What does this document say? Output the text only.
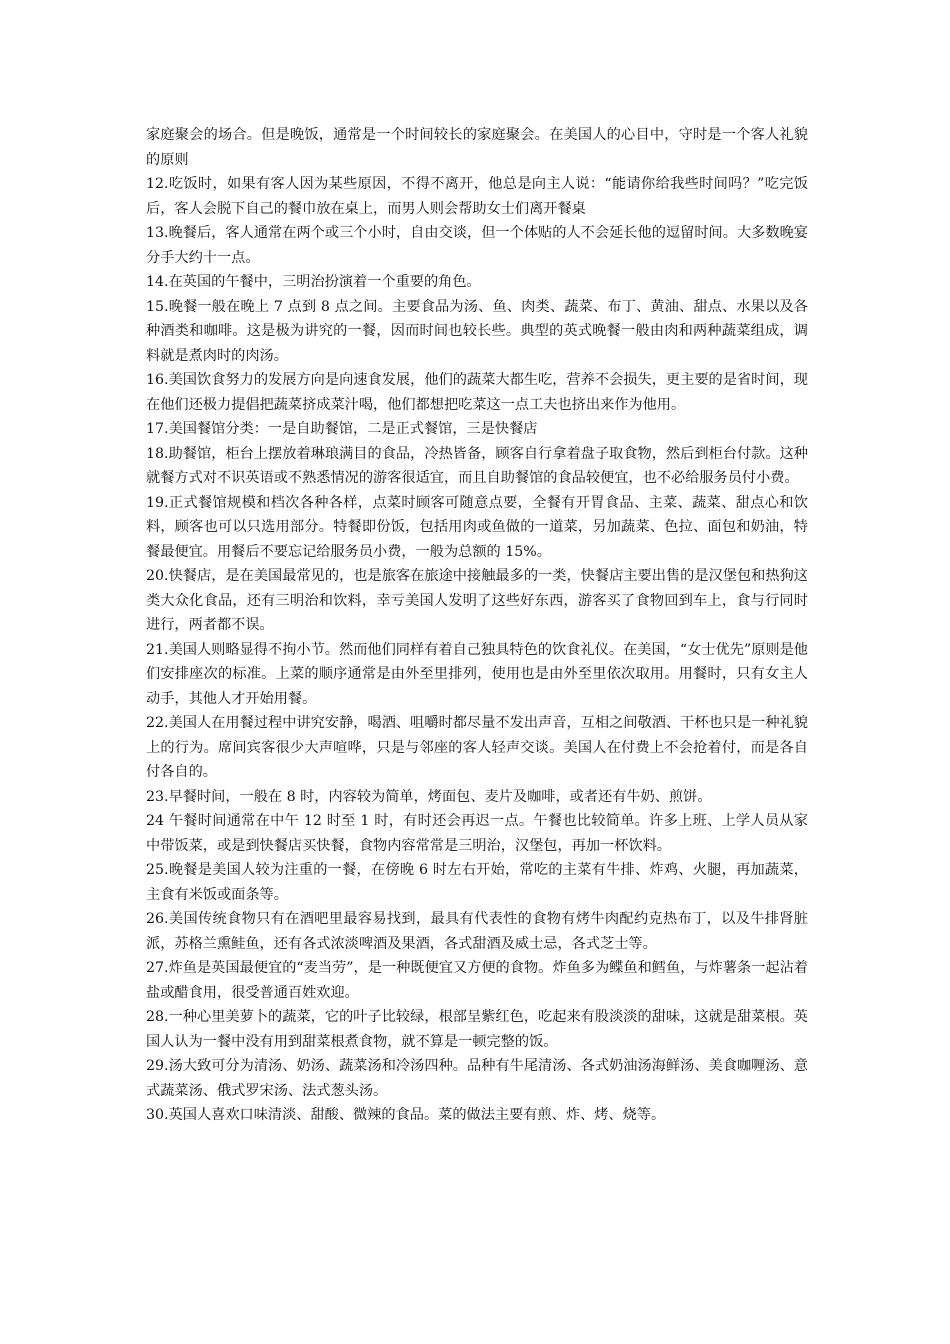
家庭聚会的场合。但是晚饭，通常是一个时间较长的家庭聚会。在美国人的心目中，守时是一个客人礼貌的原则

12.吃饭时，如果有客人因为某些原因，不得不离开，他总是向主人说：“能请你给我些时间吗？”吃完饭后，客人会脱下自己的餐巾放在桌上，而男人则会帮助女士们离开餐桌

13.晚餐后，客人通常在两个或三个小时，自由交谈，但一个体贴的人不会延长他的逗留时间。大多数晚宴分手大约十一点。

14.在英国的午餐中，三明治扮演着一个重要的角色。

15.晚餐一般在晚上 7 点到 8 点之间。主要食品为汤、鱼、肉类、蔬菜、布丁、黄油、甜点、水果以及各种酒类和咖啡。这是极为讲究的一餐，因而时间也较长些。典型的英式晚餐一般由肉和两种蔬菜组成，调料就是煮肉时的肉汤。

16.美国饮食努力的发展方向是向速食发展，他们的蔬菜大都生吃，营养不会损失，更主要的是省时间，现在他们还极力提倡把蔬菜挤成菜汁喝，他们都想把吃菜这一点工夫也挤出来作为他用。

17.美国餐馆分类：一是自助餐馆，二是正式餐馆，三是快餐店

18.助餐馆，柜台上摆放着琳琅满目的食品，冷热皆备，顾客自行拿着盘子取食物，然后到柜台付款。这种就餐方式对不识英语或不熟悉情况的游客很适宜，而且自助餐馆的食品较便宜，也不必给服务员付小费。

19.正式餐馆规模和档次各种各样，点菜时顾客可随意点要，全餐有开胃食品、主菜、蔬菜、甜点心和饮料，顾客也可以只选用部分。特餐即份饭，包括用肉或鱼做的一道菜，另加蔬菜、色拉、面包和奶油，特餐最便宜。用餐后不要忘记给服务员小费，一般为总额的 15%。

20.快餐店，是在美国最常见的，也是旅客在旅途中接触最多的一类，快餐店主要出售的是汉堡包和热狗这类大众化食品，还有三明治和饮料，幸亏美国人发明了这些好东西，游客买了食物回到车上，食与行同时进行，两者都不误。

21.美国人则略显得不拘小节。然而他们同样有着自己独具特色的饮食礼仪。在美国，“女士优先”原则是他们安排座次的标准。上菜的顺序通常是由外至里排列，使用也是由外至里依次取用。用餐时，只有女主人动手，其他人才开始用餐。

22.美国人在用餐过程中讲究安静，喝酒、咀嚼时都尽量不发出声音，互相之间敬酒、干杯也只是一种礼貌上的行为。席间宾客很少大声喧哗，只是与邻座的客人轻声交谈。美国人在付费上不会抢着付，而是各自付各自的。

23.早餐时间，一般在 8 时，内容较为简单，烤面包、麦片及咖啡，或者还有牛奶、煎饼。

24 午餐时间通常在中午 12 时至 1 时，有时还会再迟一点。午餐也比较简单。许多上班、上学人员从家中带饭菜，或是到快餐店买快餐，食物内容常常是三明治，汉堡包，再加一杯饮料。

25.晚餐是美国人较为注重的一餐，在傍晚 6 时左右开始，常吃的主菜有牛排、炸鸡、火腿，再加蔬菜，主食有米饭或面条等。

26.美国传统食物只有在酒吧里最容易找到，最具有代表性的食物有烤牛肉配约克热布丁，以及牛排肾脏派，苏格兰熏鲑鱼，还有各式浓淡啤酒及果酒，各式甜酒及威士忌，各式芝士等。

27.炸鱼是英国最便宜的“麦当劳”，是一种既便宜又方便的食物。炸鱼多为鲽鱼和鳕鱼，与炸薯条一起沾着盐或醋食用，很受普通百姓欢迎。

28.一种心里美萝卜的蔬菜，它的叶子比较绿，根部呈紫红色，吃起来有股淡淡的甜味，这就是甜菜根。英国人认为一餐中没有用到甜菜根煮食物，就不算是一顿完整的饭。

29.汤大致可分为清汤、奶汤、蔬菜汤和冷汤四种。品种有牛尾清汤、各式奶油汤海鲜汤、美食咖喱汤、意式蔬菜汤、俄式罗宋汤、法式葱头汤。

30.英国人喜欢口味清淡、甜酸、微辣的食品。菜的做法主要有煎、炸、烤、烧等。
